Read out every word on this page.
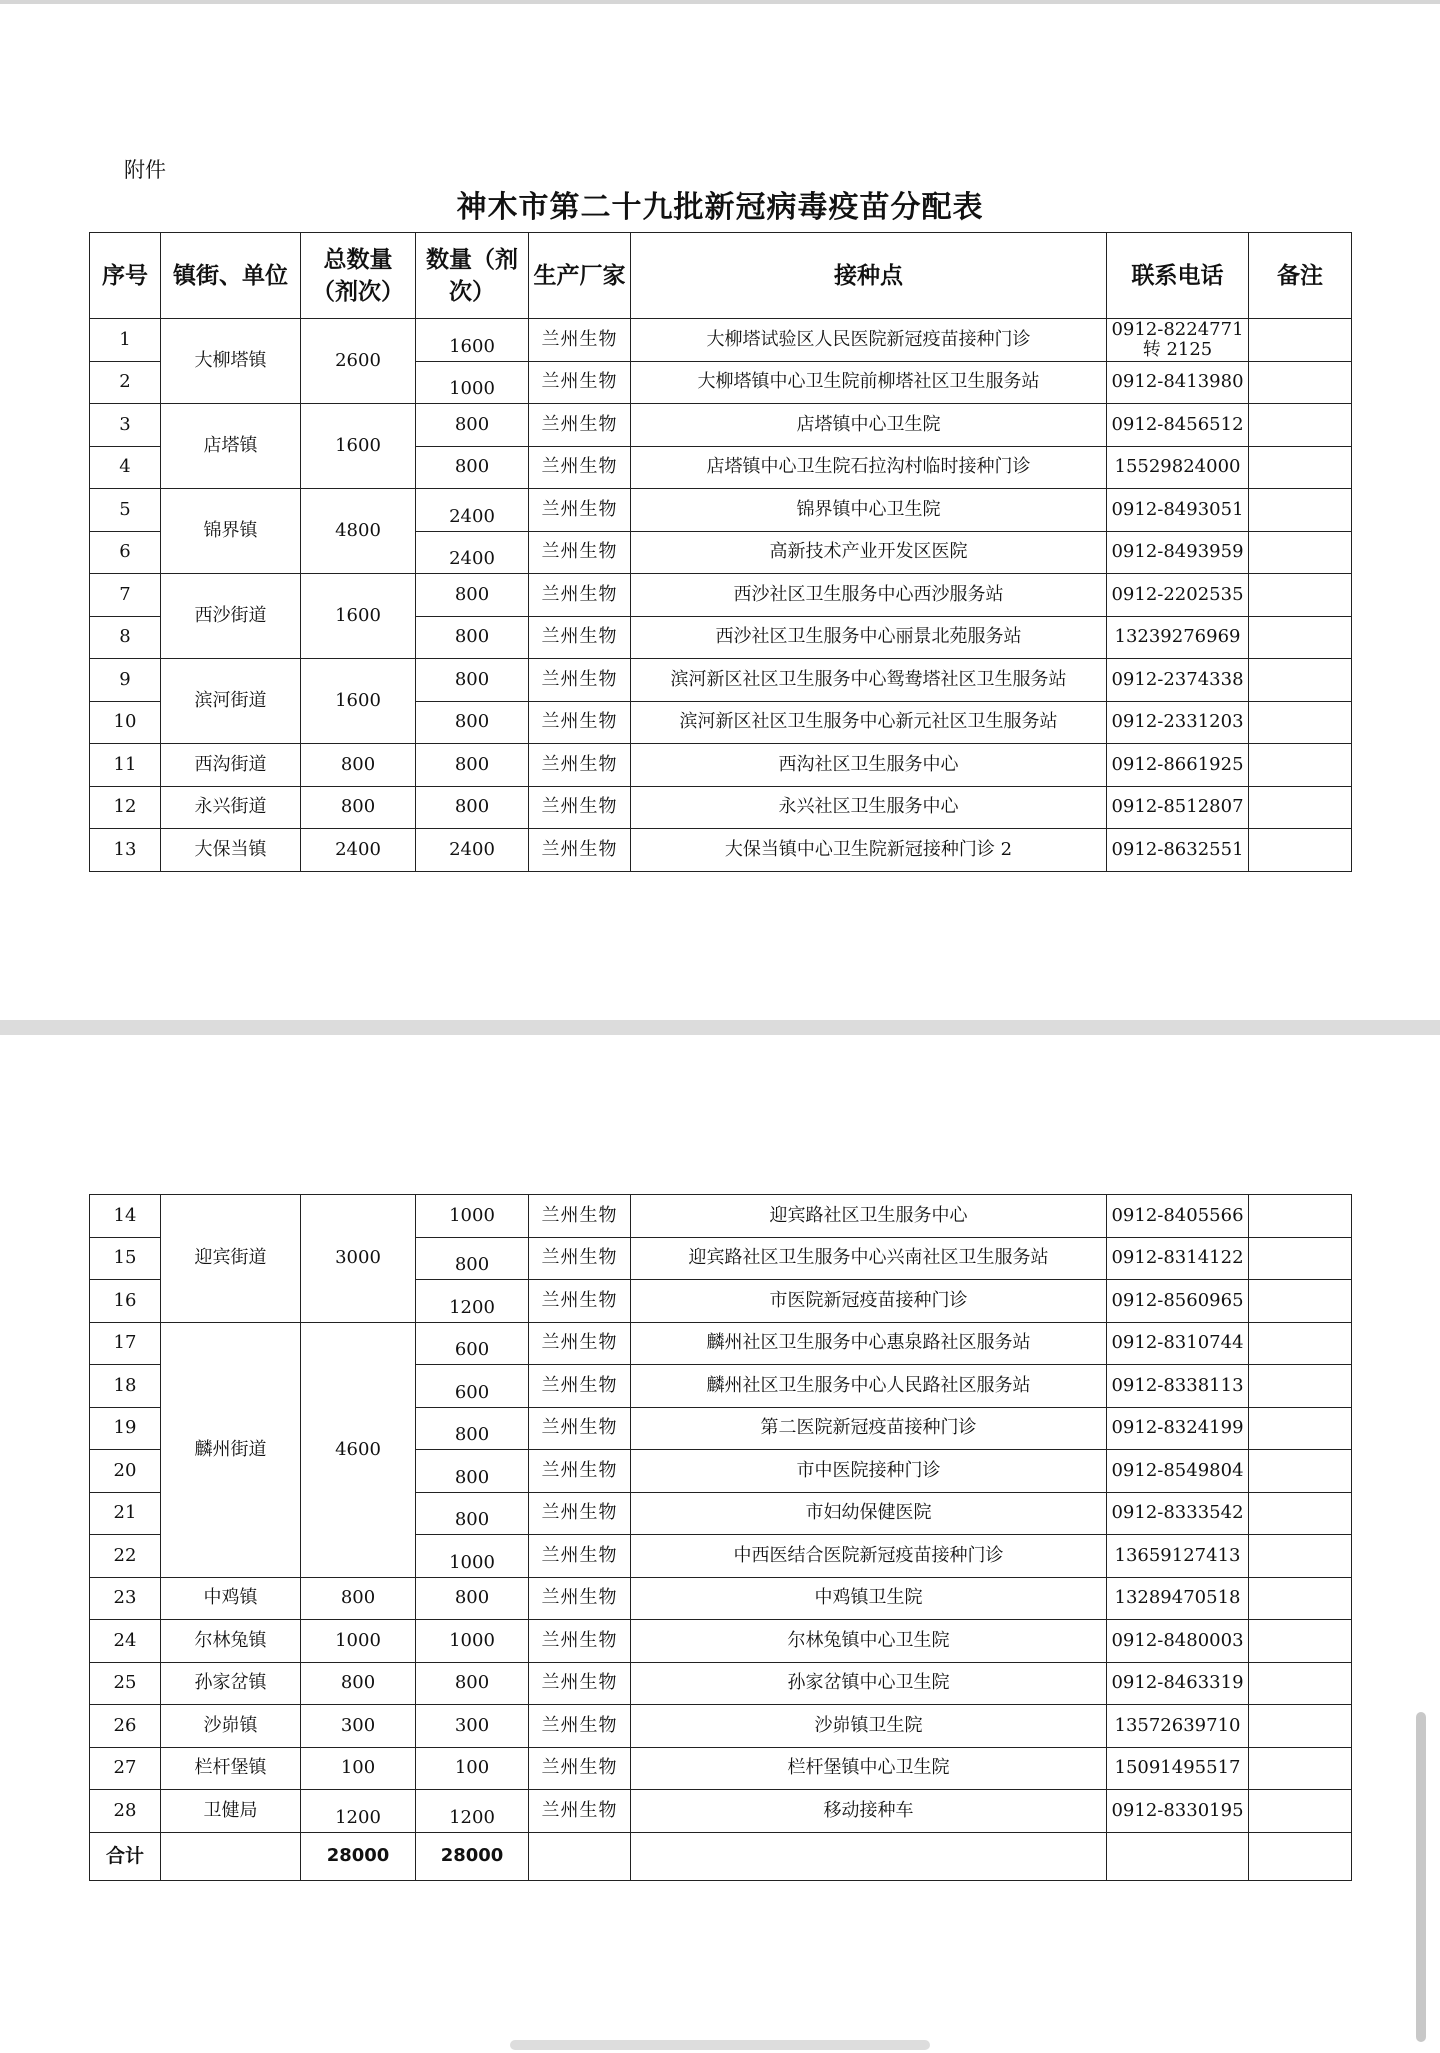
附件
神木市第二十九批新冠病毒疫苗分配表
序号	镇街、单位	总数量（剂次）	数量（剂次）	生产厂家	接种点	联系电话	备注
1	大柳塔镇	2600	1600	兰州生物	大柳塔试验区人民医院新冠疫苗接种门诊	0912-8224771
转 2125	

2			1000	兰州生物	大柳塔镇中心卫生院前柳塔社区卫生服务站	0912-8413980	
3	店塔镇	1600	800	兰州生物	店塔镇中心卫生院	0912-8456512	
4			800	兰州生物	店塔镇中心卫生院石拉沟村临时接种门诊	15529824000	
5	锦界镇	4800	2400	兰州生物	锦界镇中心卫生院	0912-8493051	
6			2400	兰州生物	高新技术产业开发区医院	0912-8493959	
7	西沙街道	1600	800	兰州生物	西沙社区卫生服务中心西沙服务站	0912-2202535	
8			800	兰州生物	西沙社区卫生服务中心丽景北苑服务站	13239276969	
9	滨河街道	1600	800	兰州生物	滨河新区社区卫生服务中心鸳鸯塔社区卫生服务站	0912-2374338	
10			800	兰州生物	滨河新区社区卫生服务中心新元社区卫生服务站	0912-2331203	
11	西沟街道	800	800	兰州生物	西沟社区卫生服务中心	0912-8661925	
12	永兴街道	800	800	兰州生物	永兴社区卫生服务中心	0912-8512807	
13	大保当镇	2400	2400	兰州生物	大保当镇中心卫生院新冠接种门诊 2	0912-8632551	
14	迎宾街道	3000	1000	兰州生物	迎宾路社区卫生服务中心	0912-8405566	
15			800	兰州生物	迎宾路社区卫生服务中心兴南社区卫生服务站	0912-8314122	
16			1200	兰州生物	市医院新冠疫苗接种门诊	0912-8560965	
17	麟州街道	4600	600	兰州生物	麟州社区卫生服务中心惠泉路社区服务站	0912-8310744	
18			600	兰州生物	麟州社区卫生服务中心人民路社区服务站	0912-8338113	
19			800	兰州生物	第二医院新冠疫苗接种门诊	0912-8324199	
20			800	兰州生物	市中医院接种门诊	0912-8549804	
21			800	兰州生物	市妇幼保健医院	0912-8333542	
22			1000	兰州生物	中西医结合医院新冠疫苗接种门诊	13659127413	
23	中鸡镇	800	800	兰州生物	中鸡镇卫生院	13289470518	
24	尔林兔镇	1000	1000	兰州生物	尔林兔镇中心卫生院	0912-8480003	
25	孙家岔镇	800	800	兰州生物	孙家岔镇中心卫生院	0912-8463319	
26	沙峁镇	300	300	兰州生物	沙峁镇卫生院	13572639710	
27	栏杆堡镇	100	100	兰州生物	栏杆堡镇中心卫生院	15091495517	
28	卫健局	1200	1200	兰州生物	移动接种车	0912-8330195	
合计		28000	28000				
